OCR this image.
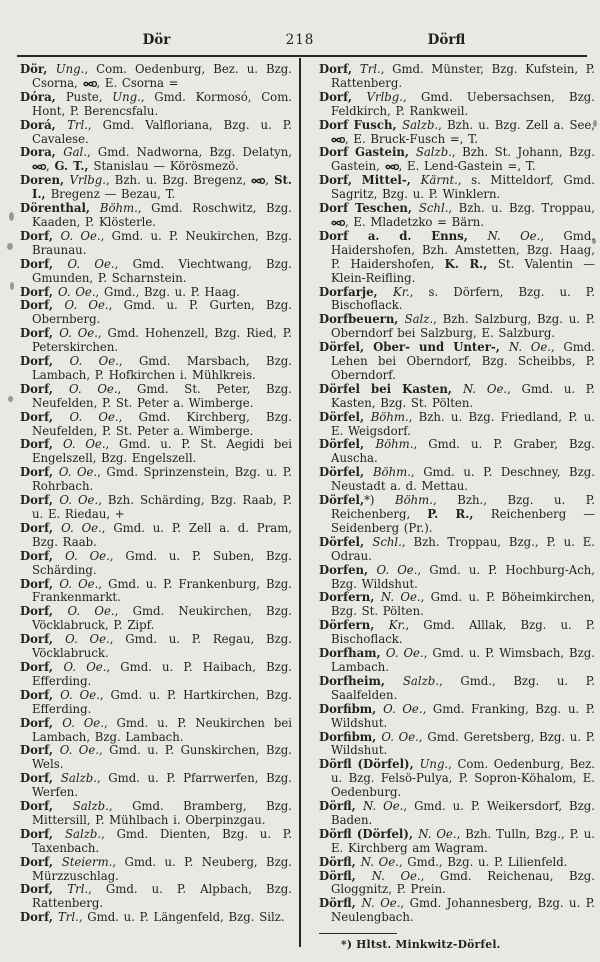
Dör	218	Dörfl
Dör, Ung., Com. Oedenburg, Bez. u. Bzg. Csorna, , E. Csorna =
Dóra, Puste, Ung., Gmd. Kormosó, Com. Hont, P. Berencsfalu.
Dorá, Trl., Gmd. Valfloriana, Bzg. u. P. Cavalese.
Dora, Gal., Gmd. Nadworna, Bzg. Delatyn, , G. T., Stanislau — Körösmezö.
Doren, Vrlbg., Bzh. u. Bzg. Bregenz, , St. I., Bregenz — Bezau, T.
Dörenthal, Böhm., Gmd. Roschwitz, Bzg. Kaaden, P. Klösterle.
Dorf, O. Oe., Gmd. u. P. Neukirchen, Bzg. Braunau.
Dorf, O. Oe., Gmd. Viechtwang, Bzg. Gmunden, P. Scharnstein.
Dorf, O. Oe., Gmd., Bzg. u. P. Haag.
Dorf, O. Oe., Gmd. u. P. Gurten, Bzg. Obernberg.
Dorf, O. Oe., Gmd. Hohenzell, Bzg. Ried, P. Peterskirchen.
Dorf, O. Oe., Gmd. Marsbach, Bzg. Lambach, P. Hofkirchen i. Mühlkreis.
Dorf, O. Oe., Gmd. St. Peter, Bzg. Neufelden, P. St. Peter a. Wimberge.
Dorf, O. Oe., Gmd. Kirchberg, Bzg. Neufelden, P. St. Peter a. Wimberge.
Dorf, O. Oe., Gmd. u. P. St. Aegidi bei Engelszell, Bzg. Engelszell.
Dorf, O. Oe., Gmd. Sprinzenstein, Bzg. u. P. Rohrbach.
Dorf, O. Oe., Bzh. Schärding, Bzg. Raab, P. u. E. Riedau, +
Dorf, O. Oe., Gmd. u. P. Zell a. d. Pram, Bzg. Raab.
Dorf, O. Oe., Gmd. u. P. Suben, Bzg. Schärding.
Dorf, O. Oe., Gmd. u. P. Frankenburg, Bzg. Frankenmarkt.
Dorf, O. Oe., Gmd. Neukirchen, Bzg. Vöcklabruck, P. Zipf.
Dorf, O. Oe., Gmd. u. P. Regau, Bzg. Vöcklabruck.
Dorf, O. Oe., Gmd. u. P. Haibach, Bzg. Efferding.
Dorf, O. Oe., Gmd. u. P. Hartkirchen, Bzg. Efferding.
Dorf, O. Oe., Gmd. u. P. Neukirchen bei Lambach, Bzg. Lambach.
Dorf, O. Oe., Gmd. u. P. Gunskirchen, Bzg. Wels.
Dorf, Salzb., Gmd. u. P. Pfarrwerfen, Bzg. Werfen.
Dorf, Salzb., Gmd. Bramberg, Bzg. Mittersill, P. Mühlbach i. Oberpinzgau.
Dorf, Salzb., Gmd. Dienten, Bzg. u. P. Taxenbach.
Dorf, Steierm., Gmd. u. P. Neuberg, Bzg. Mürzzuschlag.
Dorf, Trl., Gmd. u. P. Alpbach, Bzg. Rattenberg.
Dorf, Trl., Gmd. u. P. Längenfeld, Bzg. Silz.
Dorf, Trl., Gmd. Münster, Bzg. Kufstein, P. Rattenberg.
Dorf, Vrlbg., Gmd. Uebersachsen, Bzg. Feldkirch, P. Rankweil.
Dorf Fusch, Salzb., Bzh. u. Bzg. Zell a. See, , E. Bruck-Fusch =, T.
Dorf Gastein, Salzb., Bzh. St. Johann, Bzg. Gastein, , E. Lend-Gastein =, T.
Dorf, Mittel-, Kärnt., s. Mitteldorf, Gmd. Sagritz, Bzg. u. P. Winklern.
Dorf Teschen, Schl., Bzh. u. Bzg. Troppau, , E. Mladetzko = Bärn.
Dorf a. d. Enns, N. Oe., Gmd. Haidershofen, Bzh. Amstetten, Bzg. Haag, P. Haidershofen, K. R., St. Valentin — Klein-Reifling.
Dorfarje, Kr., s. Dörfern, Bzg. u. P. Bischoflack.
Dorfbeuern, Salz., Bzh. Salzburg, Bzg. u. P. Oberndorf bei Salzburg, E. Salzburg.
Dörfel, Ober- und Unter-, N. Oe., Gmd. Lehen bei Oberndorf, Bzg. Scheibbs, P. Oberndorf.
Dörfel bei Kasten, N. Oe., Gmd. u. P. Kasten, Bzg. St. Pölten.
Dörfel, Böhm., Bzh. u. Bzg. Friedland, P. u. E. Weigsdorf.
Dörfel, Böhm., Gmd. u. P. Graber, Bzg. Auscha.
Dörfel, Böhm., Gmd. u. P. Deschney, Bzg. Neustadt a. d. Mettau.
Dörfel,*) Böhm., Bzh., Bzg. u. P. Reichenberg, P. R., Reichenberg — Seidenberg (Pr.).
Dörfel, Schl., Bzh. Troppau, Bzg., P. u. E. Odrau.
Dorfen, O. Oe., Gmd. u. P. Hochburg-Ach, Bzg. Wildshut.
Dorfern, N. Oe., Gmd. u. P. Böheimkirchen, Bzg. St. Pölten.
Dörfern, Kr., Gmd. Alllak, Bzg. u. P. Bischoflack.
Dorfham, O. Oe., Gmd. u. P. Wimsbach, Bzg. Lambach.
Dorfheim, Salzb., Gmd., Bzg. u. P. Saalfelden.
Dorfibm, O. Oe., Gmd. Franking, Bzg. u. P. Wildshut.
Dorfibm, O. Oe., Gmd. Geretsberg, Bzg. u. P. Wildshut.
Dörfl (Dörfel), Ung., Com. Oedenburg, Bez. u. Bzg. Felsö-Pulya, P. Sopron-Köhalom, E. Oedenburg.
Dörfl, N. Oe., Gmd. u. P. Weikersdorf, Bzg. Baden.
Dörfl (Dörfel), N. Oe., Bzh. Tulln, Bzg., P. u. E. Kirchberg am Wagram.
Dörfl, N. Oe., Gmd., Bzg. u. P. Lilienfeld.
Dörfl, N. Oe., Gmd. Reichenau, Bzg. Gloggnitz, P. Prein.
Dörfl, N. Oe., Gmd. Johannesberg, Bzg. u. P. Neulengbach.
*) Hltst. Minkwitz-Dörfel.
